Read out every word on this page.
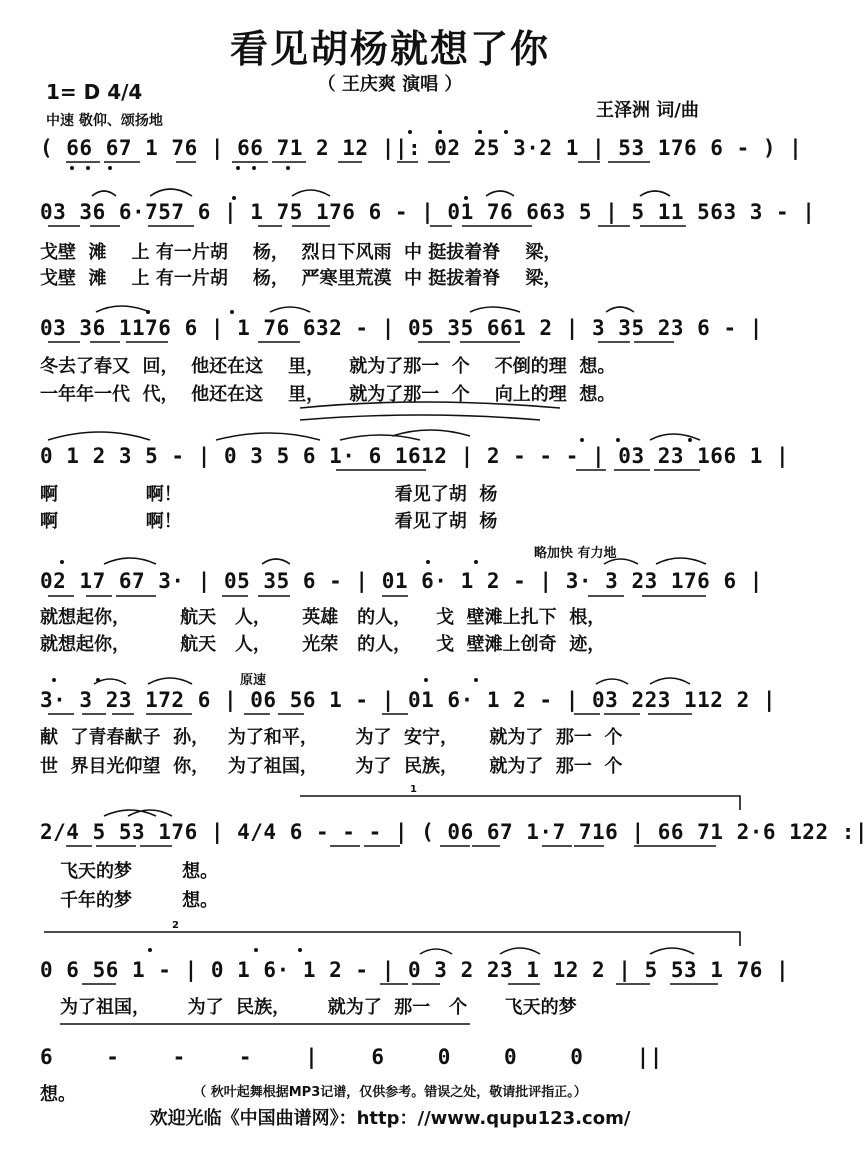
看见胡杨就想了你
（ 王庆爽 演唱 ）
1= D 4/4
中速 敬仰、颂扬地	王泽洲 词/曲
略加快 有力地
原速
( 66 67 1 76 | 66 71 2 12 ||: 02 25 3·2 1 | 53 176 6 - ) |
03 36 6·757 6 | 1 75 176 6 - | 01 76 663 5 | 5 11 563 3 - |
戈壁  滩    上 有一片胡    杨，  烈日下风雨  中 挺拔着脊    梁，
戈壁  滩    上 有一片胡    杨，  严寒里荒漠  中 挺拔着脊    梁，
03 36 1176 6 | 1 76 632 - | 05 35 661 2 | 3 35 23 6 - |
冬去了春又  回，  他还在这    里，    就为了那一  个    不倒的理  想。
一年年一代  代，  他还在这    里，    就为了那一  个    向上的理  想。
0 1 2 3 5 - | 0 3 5 6 1· 6 1612 | 2 - - - | 03 23 166 1 |
啊              啊！                                  看见了胡  杨
啊              啊！                                  看见了胡  杨
02 17 67 3· | 05 35 6 - | 01 6· 1 2 - | 3· 3 23 176 6 |
就想起你，        航天   人，     英雄   的人，    戈  壁滩上扎下  根，
就想起你，        航天   人，     光荣   的人，    戈  壁滩上创奇  迹，
3· 3 23 172 6 | 06 56 1 - | 01 6· 1 2 - | 03 223 112 2 |
献  了青春献子  孙，   为了和平，      为了  安宁，     就为了  那一  个
世  界目光仰望  你，   为了祖国，      为了  民族，     就为了  那一  个
2/4 5 53 176 | 4/4 6 - - - | ( 06 67 1·7 716 | 66 71 2·6 122 :|
飞天的梦        想。
千年的梦        想。
0 6 56 1 - | 0 1 6· 1 2 - | 0 3 2 23 1 12 2 | 5 53 1 76 |
为了祖国，      为了  民族，      就为了  那一   个      飞天的梦
6 - - - | 6 0 0 0 ||
想。	（ 秋叶起舞根据MP3记谱，仅供参考。错误之处，敬请批评指正。）
欢迎光临《中国曲谱网》：http：//www.qupu123.com/
1
2
